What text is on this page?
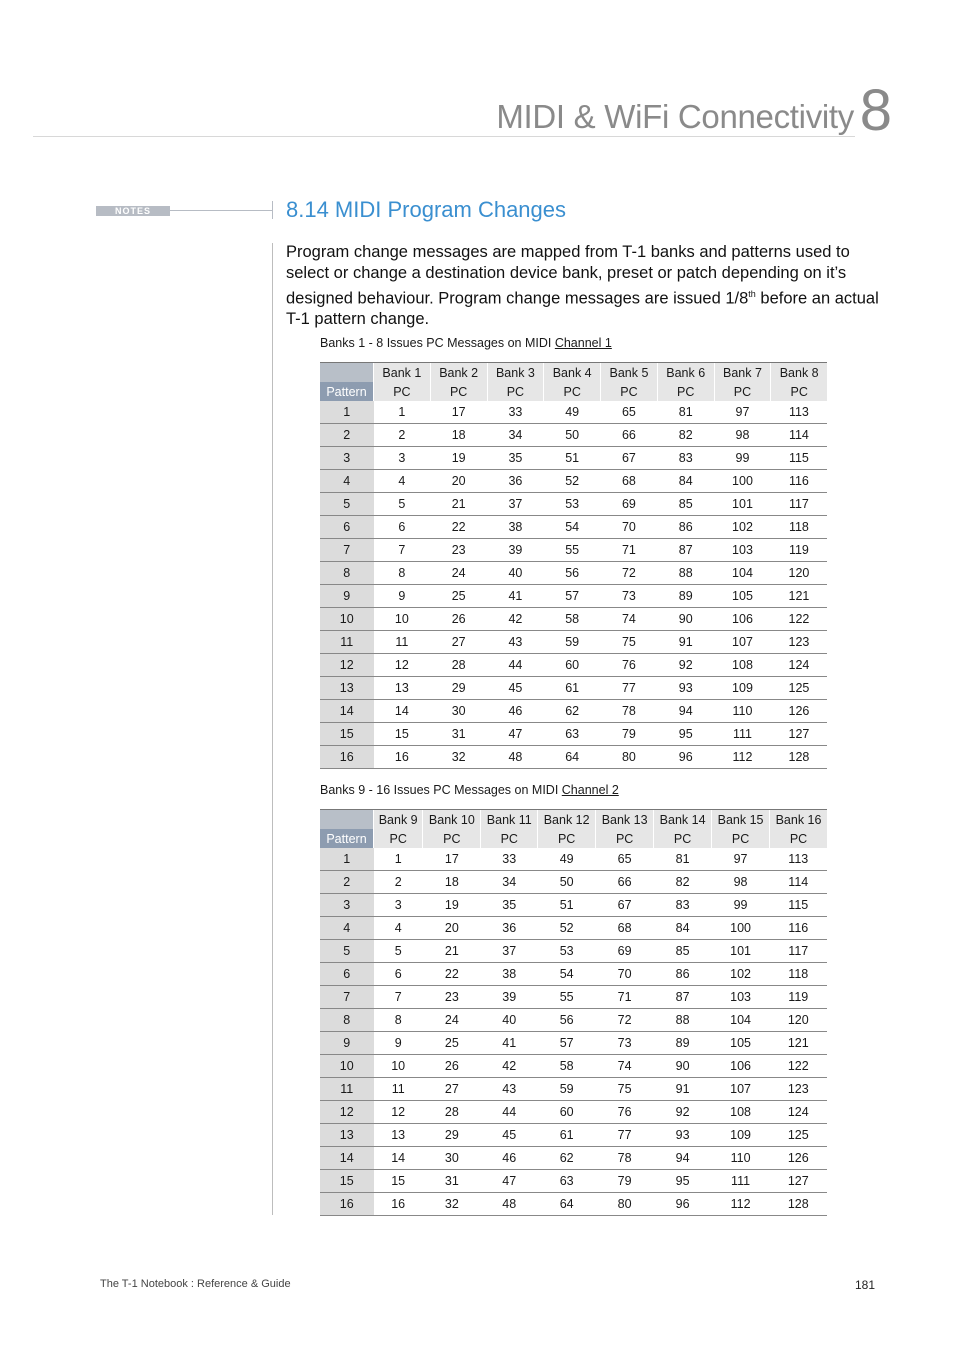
MIDI & WiFi Connectivity 8
NOTES	8.14 MIDI Program Changes

Program change messages are mapped from T-1 banks and patterns used to select or change a destination device bank, preset or patch depending on it’s designed behaviour. Program change messages are issued 1/8th before an actual T-1 pattern change.

Banks 1 - 8 Issues PC Messages on MIDI Channel 1
	Bank 1	Bank 2	Bank 3	Bank 4	Bank 5	Bank 6	Bank 7	Bank 8
Pattern	PC	PC	PC	PC	PC	PC	PC	PC
1	1	17	33	49	65	81	97	113
2	2	18	34	50	66	82	98	114
3	3	19	35	51	67	83	99	115
4	4	20	36	52	68	84	100	116
5	5	21	37	53	69	85	101	117
6	6	22	38	54	70	86	102	118
7	7	23	39	55	71	87	103	119
8	8	24	40	56	72	88	104	120
9	9	25	41	57	73	89	105	121
10	10	26	42	58	74	90	106	122
11	11	27	43	59	75	91	107	123
12	12	28	44	60	76	92	108	124
13	13	29	45	61	77	93	109	125
14	14	30	46	62	78	94	110	126
15	15	31	47	63	79	95	111	127
16	16	32	48	64	80	96	112	128
Banks 9 - 16 Issues PC Messages on MIDI Channel 2
	Bank 9	Bank 10	Bank 11	Bank 12	Bank 13	Bank 14	Bank 15	Bank 16
Pattern	PC	PC	PC	PC	PC	PC	PC	PC
1	1	17	33	49	65	81	97	113
2	2	18	34	50	66	82	98	114
3	3	19	35	51	67	83	99	115
4	4	20	36	52	68	84	100	116
5	5	21	37	53	69	85	101	117
6	6	22	38	54	70	86	102	118
7	7	23	39	55	71	87	103	119
8	8	24	40	56	72	88	104	120
9	9	25	41	57	73	89	105	121
10	10	26	42	58	74	90	106	122
11	11	27	43	59	75	91	107	123
12	12	28	44	60	76	92	108	124
13	13	29	45	61	77	93	109	125
14	14	30	46	62	78	94	110	126
15	15	31	47	63	79	95	111	127
16	16	32	48	64	80	96	112	128
The T-1 Notebook : Reference & Guide	181
